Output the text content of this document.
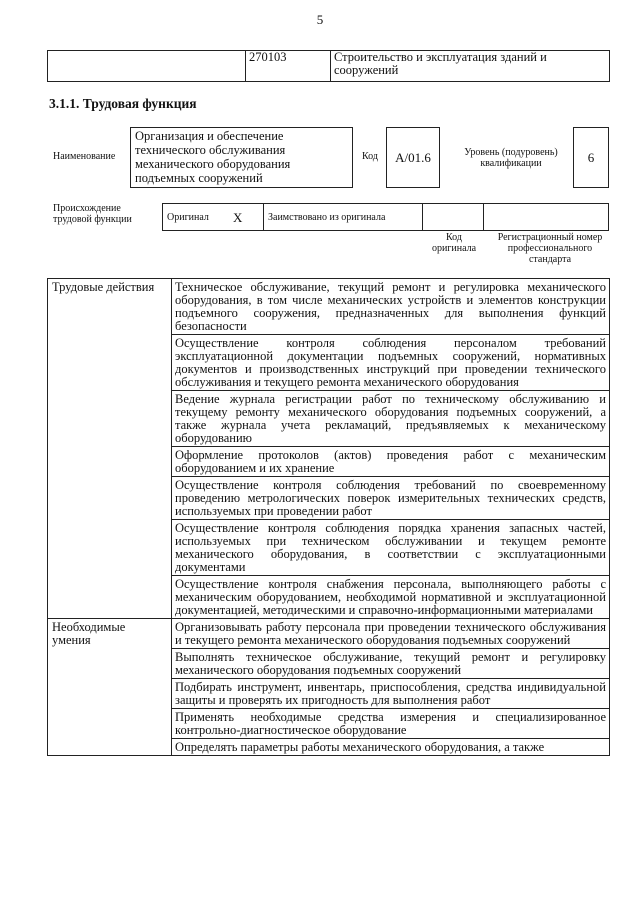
5
	270103	Строительство и эксплуатация зданий и сооружений
3.1.1. Трудовая функция
Наименование
Организация и обеспечение технического обслуживания механического оборудования подъемных сооружений
Код А/01.6	Уровень (подуровень) квалификации	6
Происхождение трудовой функции	Оригинал	Х	Заимствовано из оригинала		
Код оригинала
Регистрационный номер профессионального стандарта
Трудовые действия	Техническое обслуживание, текущий ремонт и регулировка механического оборудования, в том числе механических устройств и элементов конструкции подъемного сооружения, предназначенных для выполнения функций безопасности
	Осуществление контроля соблюдения персоналом требований эксплуатационной документации подъемных сооружений, нормативных документов и производственных инструкций при проведении технического обслуживания и текущего ремонта механического оборудования
	Ведение журнала регистрации работ по техническому обслуживанию и текущему ремонту механического оборудования подъемных сооружений, а также журнала учета рекламаций, предъявляемых к механическому оборудованию
	Оформление протоколов (актов) проведения работ с механическим оборудованием и их хранение
	Осуществление контроля соблюдения требований по своевременному проведению метрологических поверок измерительных технических средств, используемых при проведении работ
	Осуществление контроля соблюдения порядка хранения запасных частей, используемых при техническом обслуживании и текущем ремонте механического оборудования, в соответствии с эксплуатационными документами
	Осуществление контроля снабжения персонала, выполняющего работы с механическим оборудованием, необходимой нормативной и эксплуатационной документацией, методическими и справочно-информационными материалами
Необходимые умения	Организовывать работу персонала при проведении технического обслуживания и текущего ремонта механического оборудования подъемных сооружений
	Выполнять техническое обслуживание, текущий ремонт и регулировку механического оборудования подъемных сооружений
	Подбирать инструмент, инвентарь, приспособления, средства индивидуальной защиты и проверять их пригодность для выполнения работ
	Применять необходимые средства измерения и специализированное контрольно-диагностическое оборудование
	Определять параметры работы механического оборудования, а также
